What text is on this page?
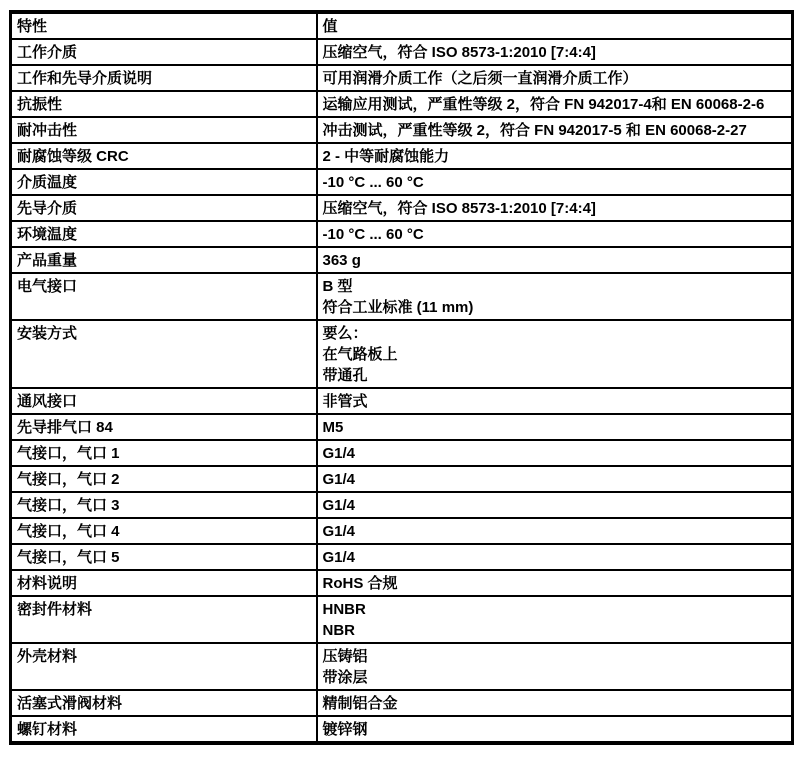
特性	值
工作介质	压缩空气，符合 ISO 8573-1:2010 [7:4:4]

工作和先导介质说明	可用润滑介质工作（之后须一直润滑介质工作）

抗振性	运输应用测试，严重性等级 2，符合 FN 942017-4和 EN 60068-2-6

耐冲击性	冲击测试，严重性等级 2，符合 FN 942017-5 和 EN 60068-2-27

耐腐蚀等级 CRC	2 - 中等耐腐蚀能力

介质温度	-10 °C ... 60 °C

先导介质	压缩空气，符合 ISO 8573-1:2010 [7:4:4]

环境温度	-10 °C ... 60 °C

产品重量	363 g

电气接口	B 型
符合工业标准 (11 mm)

安装方式	要么：
在气路板上
带通孔

通风接口	非管式

先导排气口 84	M5

气接口，气口 1	G1/4

气接口，气口 2	G1/4

气接口，气口 3	G1/4

气接口，气口 4	G1/4

气接口，气口 5	G1/4

材料说明	RoHS 合规

密封件材料	HNBR
NBR

外壳材料	压铸铝
带涂层

活塞式滑阀材料	精制铝合金

螺钉材料	镀锌钢
